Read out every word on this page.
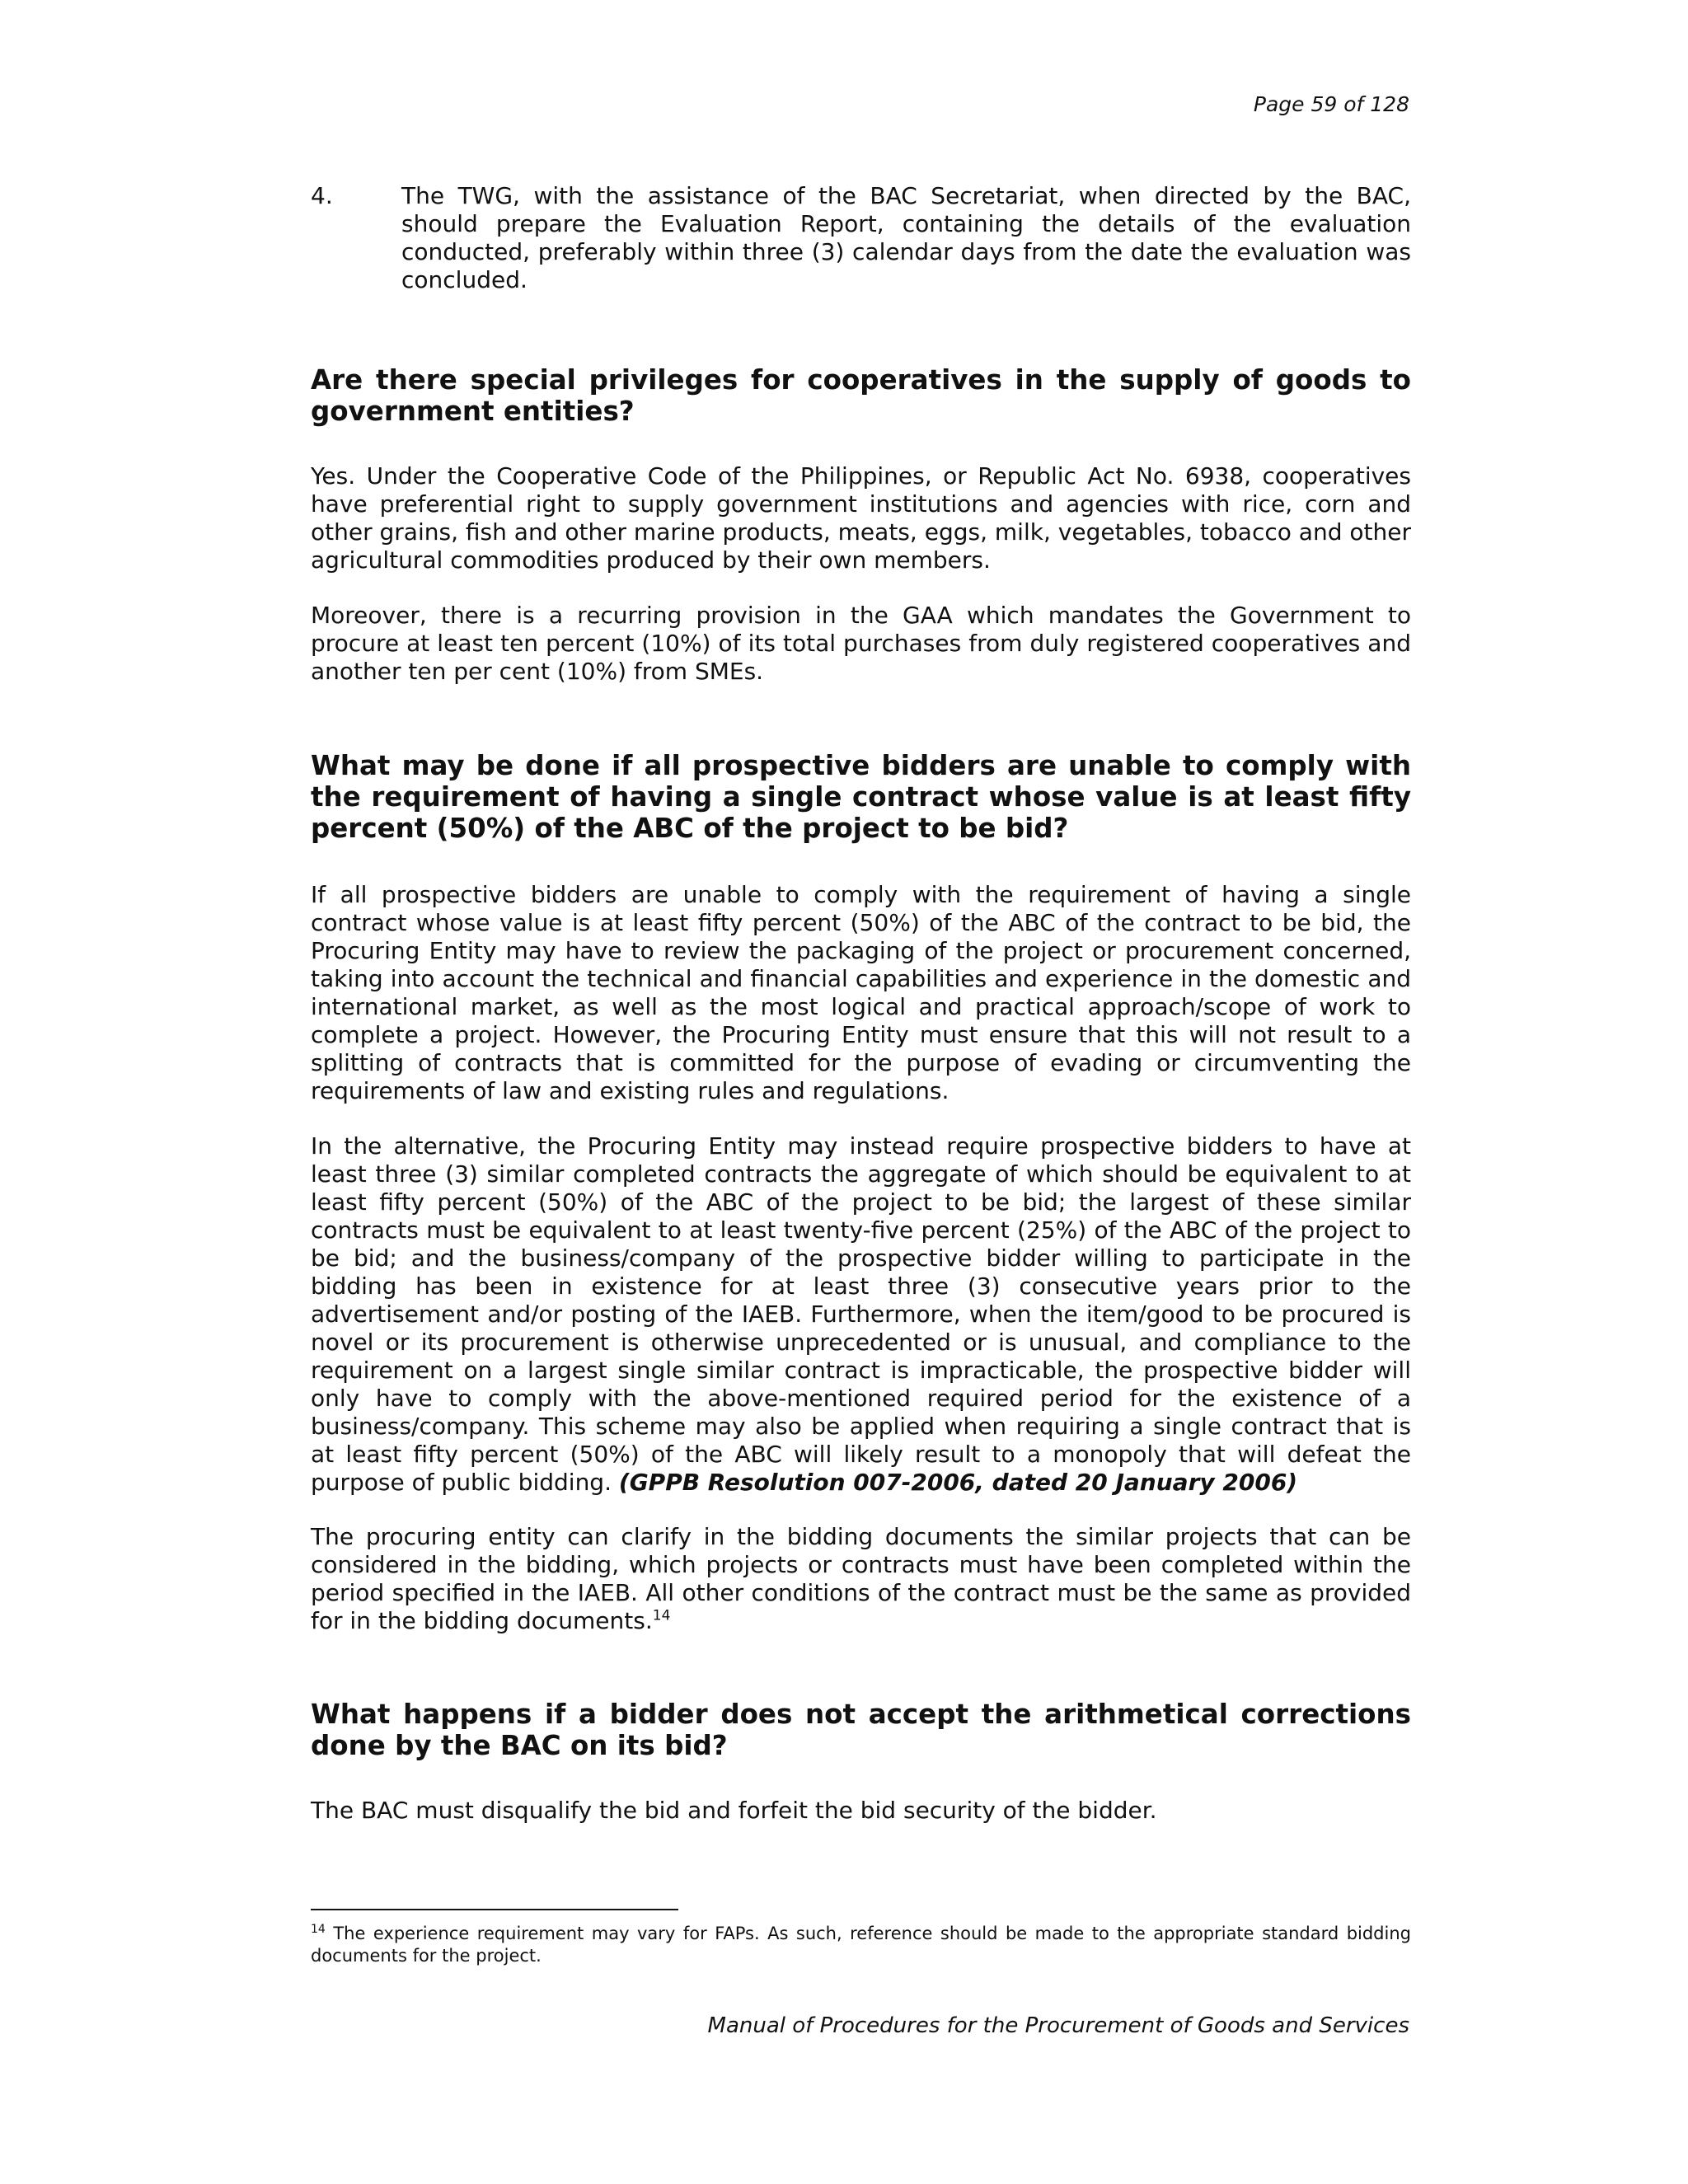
Page 59 of 128
4.	The TWG, with the assistance of the BAC Secretariat, when directed by the BAC, should prepare the Evaluation Report, containing the details of the evaluation conducted, preferably within three (3) calendar days from the date the evaluation was concluded.
Are there special privileges for cooperatives in the supply of goods to government entities?

Yes. Under the Cooperative Code of the Philippines, or Republic Act No. 6938, cooperatives have preferential right to supply government institutions and agencies with rice, corn and other grains, fish and other marine products, meats, eggs, milk, vegetables, tobacco and other agricultural commodities produced by their own members.

Moreover, there is a recurring provision in the GAA which mandates the Government to procure at least ten percent (10%) of its total purchases from duly registered cooperatives and another ten per cent (10%) from SMEs.

What may be done if all prospective bidders are unable to comply with the requirement of having a single contract whose value is at least fifty percent (50%) of the ABC of the project to be bid?

If all prospective bidders are unable to comply with the requirement of having a single contract whose value is at least fifty percent (50%) of the ABC of the contract to be bid, the Procuring Entity may have to review the packaging of the project or procurement concerned, taking into account the technical and financial capabilities and experience in the domestic and international market, as well as the most logical and practical approach/scope of work to complete a project. However, the Procuring Entity must ensure that this will not result to a splitting of contracts that is committed for the purpose of evading or circumventing the requirements of law and existing rules and regulations.

In the alternative, the Procuring Entity may instead require prospective bidders to have at least three (3) similar completed contracts the aggregate of which should be equivalent to at least fifty percent (50%) of the ABC of the project to be bid; the largest of these similar contracts must be equivalent to at least twenty-five percent (25%) of the ABC of the project to be bid; and the business/company of the prospective bidder willing to participate in the bidding has been in existence for at least three (3) consecutive years prior to the advertisement and/or posting of the IAEB. Furthermore, when the item/good to be procured is novel or its procurement is otherwise unprecedented or is unusual, and compliance to the requirement on a largest single similar contract is impracticable, the prospective bidder will only have to comply with the above-mentioned required period for the existence of a business/company. This scheme may also be applied when requiring a single contract that is at least fifty percent (50%) of the ABC will likely result to a monopoly that will defeat the purpose of public bidding. (GPPB Resolution 007-2006, dated 20 January 2006)

The procuring entity can clarify in the bidding documents the similar projects that can be considered in the bidding, which projects or contracts must have been completed within the period specified in the IAEB. All other conditions of the contract must be the same as provided for in the bidding documents.$^{14}$

What happens if a bidder does not accept the arithmetical corrections done by the BAC on its bid?

The BAC must disqualify the bid and forfeit the bid security of the bidder.

$^{14}$ The experience requirement may vary for FAPs. As such, reference should be made to the appropriate standard bidding documents for the project.

Manual of Procedures for the Procurement of Goods and Services
